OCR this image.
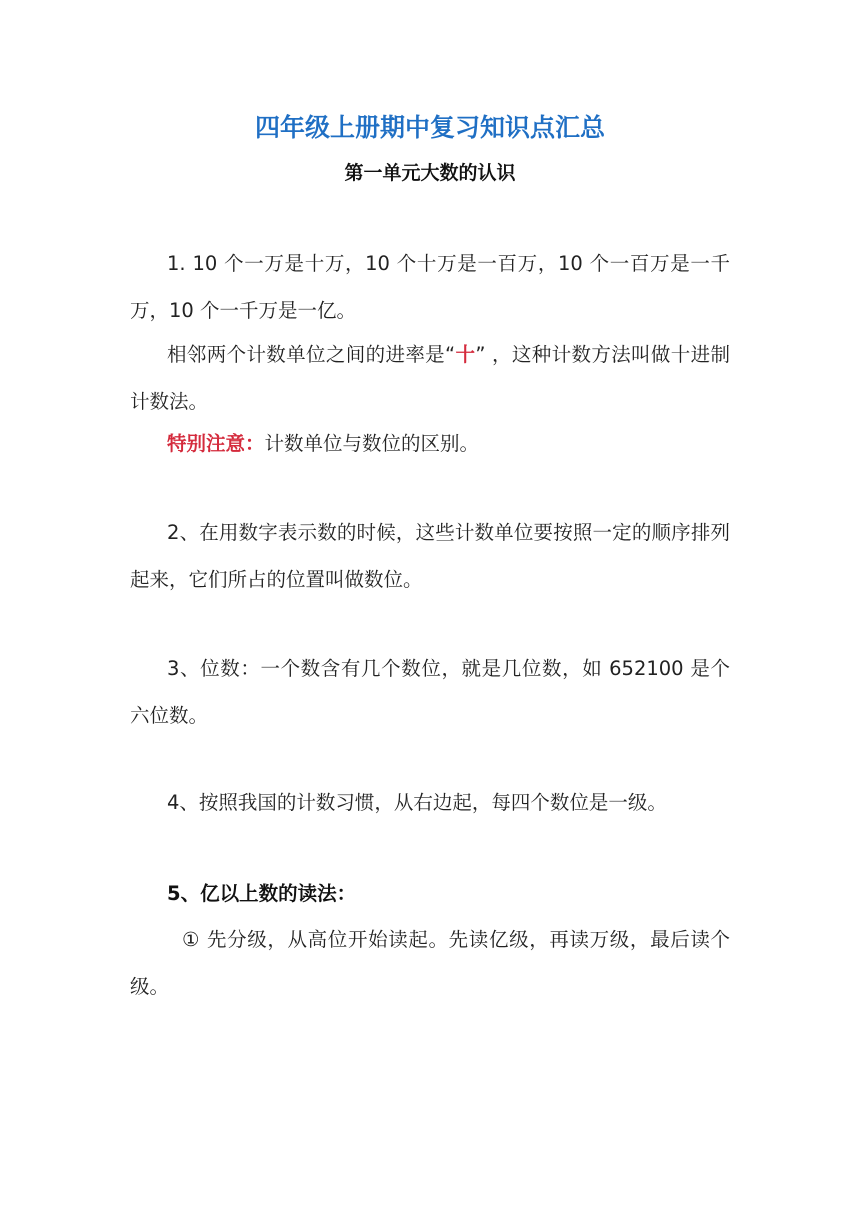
四年级上册期中复习知识点汇总
第一单元大数的认识
1. 10 个一万是十万，10 个十万是一百万，10 个一百万是一千万，10 个一千万是一亿。
相邻两个计数单位之间的进率是“十” ，这种计数方法叫做十进制计数法。
特别注意：计数单位与数位的区别。
2、在用数字表示数的时候，这些计数单位要按照一定的顺序排列起来，它们所占的位置叫做数位。
3、位数：一个数含有几个数位，就是几位数，如 652100 是个六位数。
4、按照我国的计数习惯，从右边起，每四个数位是一级。
5、亿以上数的读法：
① 先分级，从高位开始读起。先读亿级，再读万级，最后读个级。
